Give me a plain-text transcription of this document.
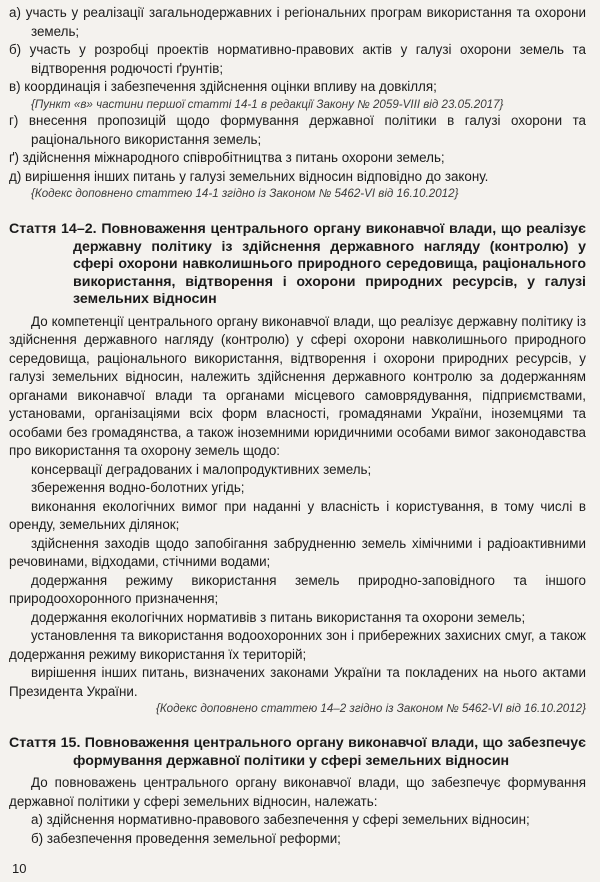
а) участь у реалізації загальнодержавних і регіональних програм використання та охорони земель;

б) участь у розробці проектів нормативно-правових актів у галузі охорони земель та відтворення родючості ґрунтів;

в) координація і забезпечення здійснення оцінки впливу на довкілля;

{Пункт «в» частини першої статті 14-1 в редакції Закону № 2059-VIII від 23.05.2017}

г) внесення пропозицій щодо формування державної політики в галузі охорони та раціонального використання земель;

ґ) здійснення міжнародного співробітництва з питань охорони земель;

д) вирішення інших питань у галузі земельних відносин відповідно до закону.

{Кодекс доповнено статтею 14-1 згідно із Законом № 5462-VI від 16.10.2012}

Стаття 14–2. Повноваження центрального органу виконавчої влади, що реалізує державну політику із здійснення державного нагляду (контролю) у сфері охорони навколишнього природного середовища, раціонального використання, відтворення і охорони природних ресурсів, у галузі земельних відносин

До компетенції центрального органу виконавчої влади, що реалізує державну політику із здійснення державного нагляду (контролю) у сфері охорони навколишнього природного середовища, раціонального використання, відтворення і охорони природних ресурсів, у галузі земельних відносин, належить здійснення державного контролю за додержанням органами виконавчої влади та органами місцевого самоврядування, підприємствами, установами, організаціями всіх форм власності, громадянами України, іноземцями та особами без громадянства, а також іноземними юридичними особами вимог законодавства про використання та охорону земель щодо:

консервації деградованих і малопродуктивних земель;

збереження водно-болотних угідь;

виконання екологічних вимог при наданні у власність і користування, в тому числі в оренду, земельних ділянок;

здійснення заходів щодо запобігання забрудненню земель хімічними і радіоактивними речовинами, відходами, стічними водами;

додержання режиму використання земель природно-заповідного та іншого природоохоронного призначення;

додержання екологічних нормативів з питань використання та охорони земель;

установлення та використання водоохоронних зон і прибережних захисних смуг, а також додержання режиму використання їх територій;

вирішення інших питань, визначених законами України та покладених на нього актами Президента України.

{Кодекс доповнено статтею 14–2 згідно із Законом № 5462-VI від 16.10.2012}

Стаття 15. Повноваження центрального органу виконавчої влади, що забезпечує формування державної політики у сфері земельних відносин

До повноважень центрального органу виконавчої влади, що забезпечує формування державної політики у сфері земельних відносин, належать:

а) здійснення нормативно-правового забезпечення у сфері земельних відносин;

б) забезпечення проведення земельної реформи;

10
